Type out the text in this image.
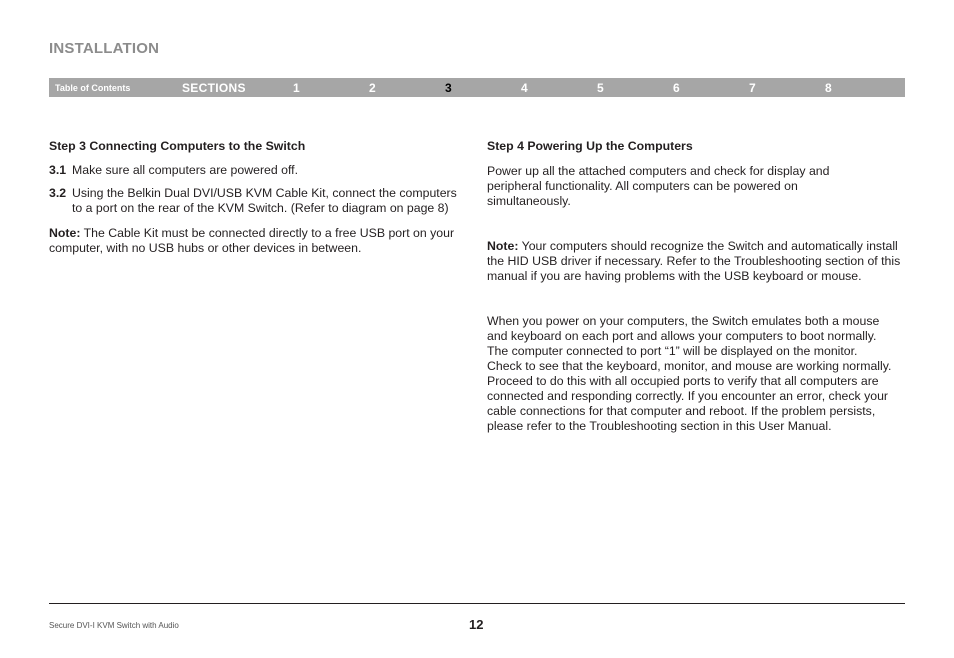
INSTALLATION
Table of Contents	SECTIONS	1	2	3	4	5	6	7	8

Step 3 Connecting Computers to the Switch

3.1 Make sure all computers are powered off.
3.2 Using the Belkin Dual DVI/USB KVM Cable Kit, connect the computers to a port on the rear of the KVM Switch. (Refer to diagram on page 8)

Note: The Cable Kit must be connected directly to a free USB port on your computer, with no USB hubs or other devices in between.

Step 4 Powering Up the Computers

Power up all the attached computers and check for display and peripheral functionality. All computers can be powered on simultaneously.

Note: Your computers should recognize the Switch and automatically install the HID USB driver if necessary. Refer to the Troubleshooting section of this manual if you are having problems with the USB keyboard or mouse.

When you power on your computers, the Switch emulates both a mouse and keyboard on each port and allows your computers to boot normally. The computer connected to port “1” will be displayed on the monitor. Check to see that the keyboard, monitor, and mouse are working normally. Proceed to do this with all occupied ports to verify that all computers are connected and responding correctly. If you encounter an error, check your cable connections for that computer and reboot. If the problem persists, please refer to the Troubleshooting section in this User Manual.

Secure DVI-I KVM Switch with Audio	12
